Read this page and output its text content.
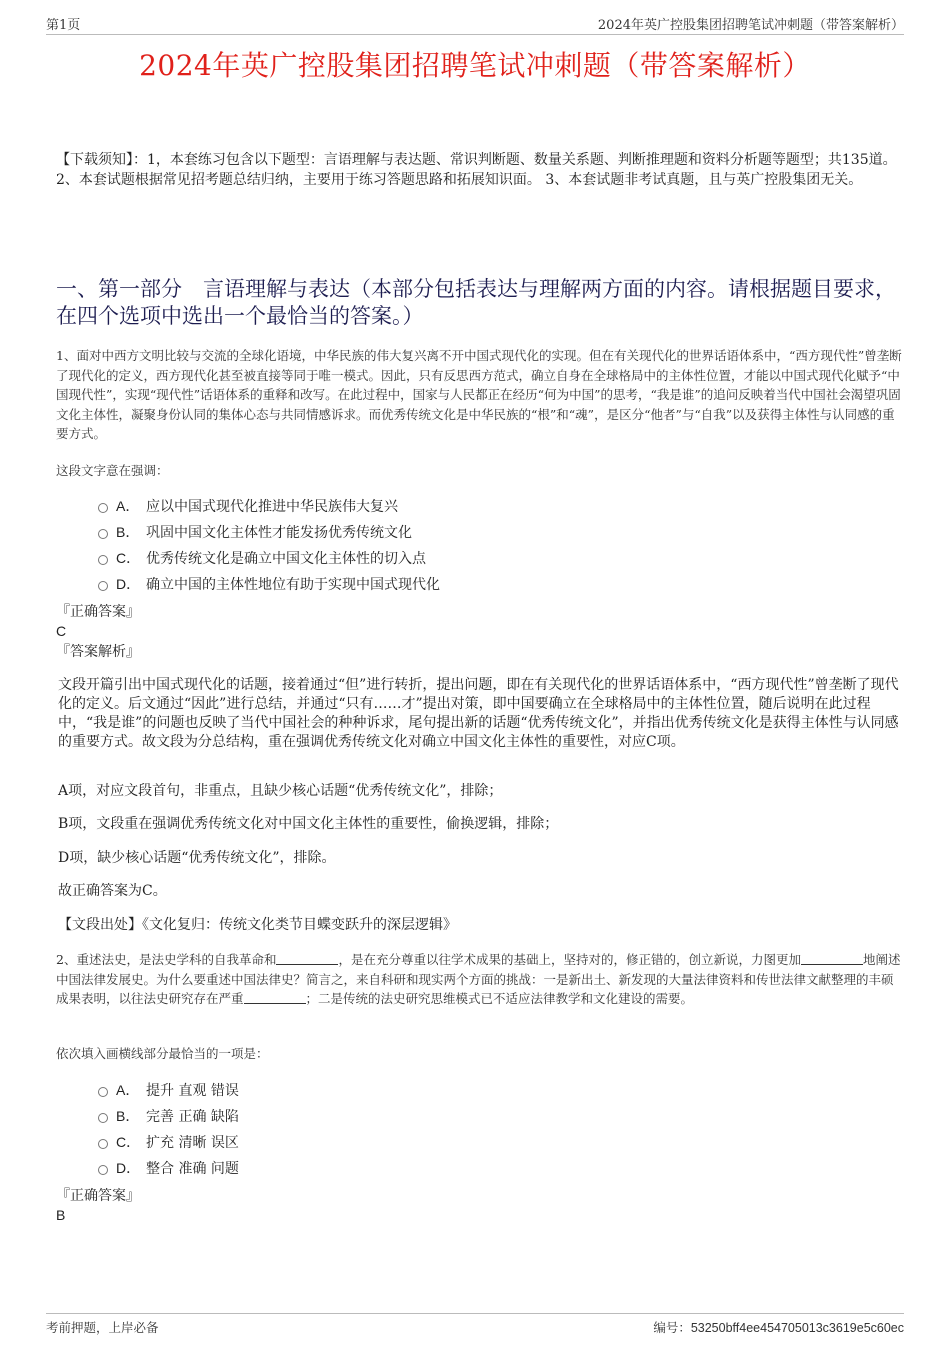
第1页	2024年英广控股集团招聘笔试冲刺题（带答案解析）
2024年英广控股集团招聘笔试冲刺题（带答案解析）
【下载须知】：1，本套练习包含以下题型：言语理解与表达题、常识判断题、数量关系题、判断推理题和资料分析题等题型；共135道。 2、本套试题根据常见招考题总结归纳，主要用于练习答题思路和拓展知识面。 3、本套试题非考试真题，且与英广控股集团无关。
一、第一部分　言语理解与表达（本部分包括表达与理解两方面的内容。请根据题目要求，在四个选项中选出一个最恰当的答案。）
1、面对中西方文明比较与交流的全球化语境，中华民族的伟大复兴离不开中国式现代化的实现。但在有关现代化的世界话语体系中，“西方现代性”曾垄断了现代化的定义，西方现代化甚至被直接等同于唯一模式。因此，只有反思西方范式，确立自身在全球格局中的主体性位置，才能以中国式现代化赋予“中国现代性”，实现“现代性”话语体系的重释和改写。在此过程中，国家与人民都正在经历“何为中国”的思考，“我是谁”的追问反映着当代中国社会渴望巩固文化主体性，凝聚身份认同的集体心态与共同情感诉求。而优秀传统文化是中华民族的“根”和“魂”，是区分“他者”与“自我”以及获得主体性与认同感的重要方式。
这段文字意在强调：
A． 应以中国式现代化推进中华民族伟大复兴
B． 巩固中国文化主体性才能发扬优秀传统文化
C． 优秀传统文化是确立中国文化主体性的切入点
D． 确立中国的主体性地位有助于实现中国式现代化
『正确答案』
C
『答案解析』
文段开篇引出中国式现代化的话题，接着通过“但”进行转折，提出问题，即在有关现代化的世界话语体系中，“西方现代性”曾垄断了现代化的定义。后文通过“因此”进行总结，并通过“只有……才”提出对策，即中国要确立在全球格局中的主体性位置，随后说明在此过程中，“我是谁”的问题也反映了当代中国社会的种种诉求，尾句提出新的话题“优秀传统文化”，并指出优秀传统文化是获得主体性与认同感的重要方式。故文段为分总结构，重在强调优秀传统文化对确立中国文化主体性的重要性，对应C项。
A项，对应文段首句，非重点，且缺少核心话题“优秀传统文化”，排除；
B项，文段重在强调优秀传统文化对中国文化主体性的重要性，偷换逻辑，排除；
D项，缺少核心话题“优秀传统文化”，排除。
故正确答案为C。
【文段出处】《文化复归：传统文化类节目蝶变跃升的深层逻辑》
2、重述法史，是法史学科的自我革命和	，是在充分尊重以往学术成果的基础上，坚持对的，修正错的，创立新说，力图更加	地阐述中国法律发展史。为什么要重述中国法律史？简言之，来自科研和现实两个方面的挑战：一是新出土、新发现的大量法律资料和传世法律文献整理的丰硕成果表明，以往法史研究存在严重	；二是传统的法史研究思维模式已不适应法律教学和文化建设的需要。
依次填入画横线部分最恰当的一项是：
A． 提升 直观 错误
B． 完善 正确 缺陷
C． 扩充 清晰 误区
D． 整合 准确 问题
『正确答案』
B
考前押题，上岸必备	编号：53250bff4ee454705013c3619e5c60ec
